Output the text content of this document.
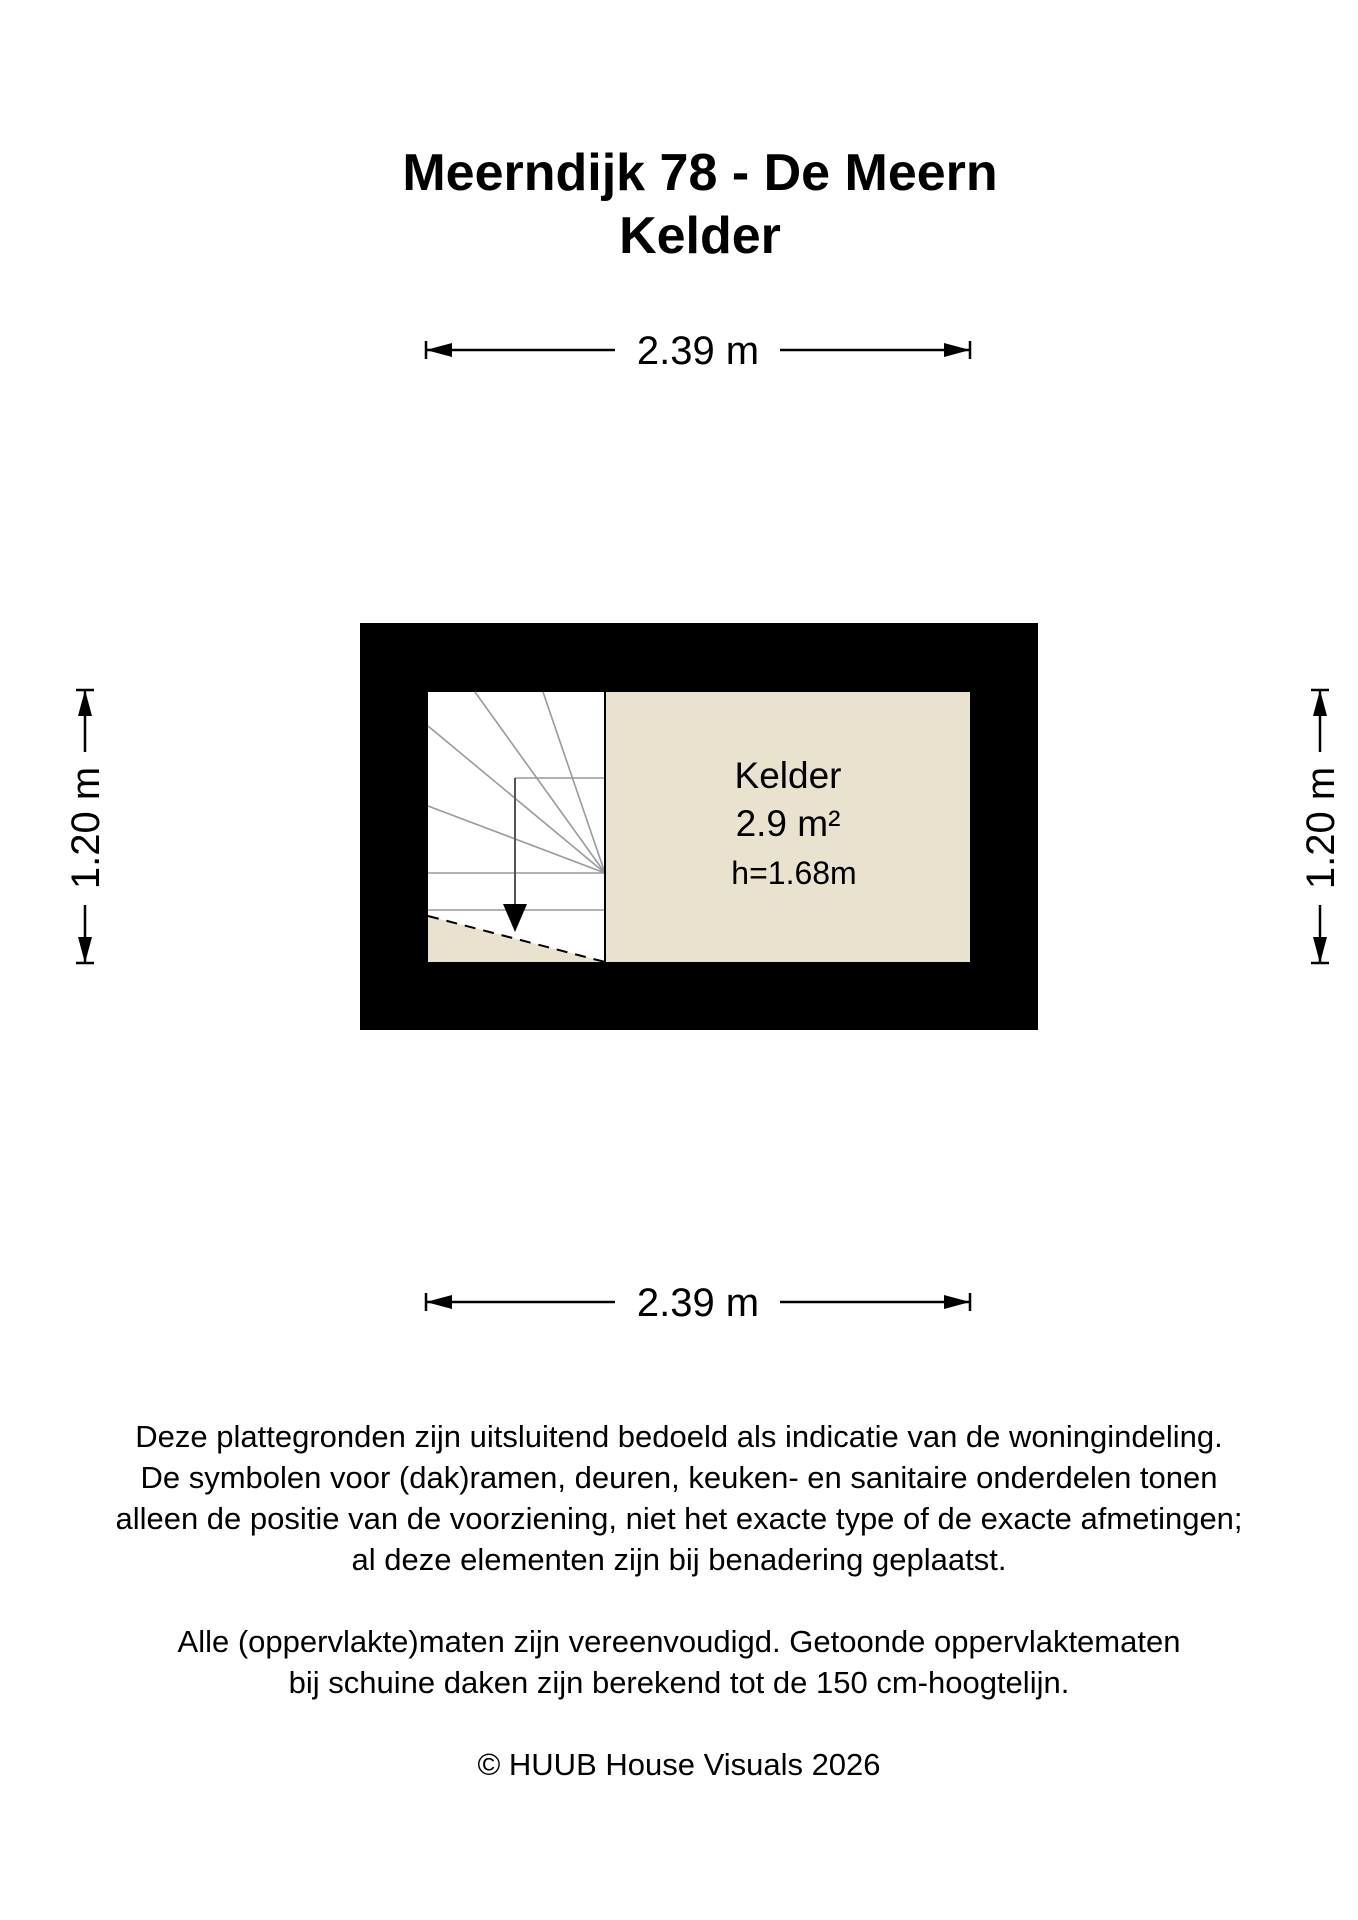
Meerndijk 78 - De Meern
Kelder
2.39 m
2.39 m
1.20 m	1.20 m
Kelder
2.9 m²
h=1.68m
Deze plattegronden zijn uitsluitend bedoeld als indicatie van de woningindeling.
De symbolen voor (dak)ramen, deuren, keuken- en sanitaire onderdelen tonen
alleen de positie van de voorziening, niet het exacte type of de exacte afmetingen;
al deze elementen zijn bij benadering geplaatst.
Alle (oppervlakte)maten zijn vereenvoudigd. Getoonde oppervlaktematen
bij schuine daken zijn berekend tot de 150 cm-hoogtelijn.
© HUUB House Visuals 2026
